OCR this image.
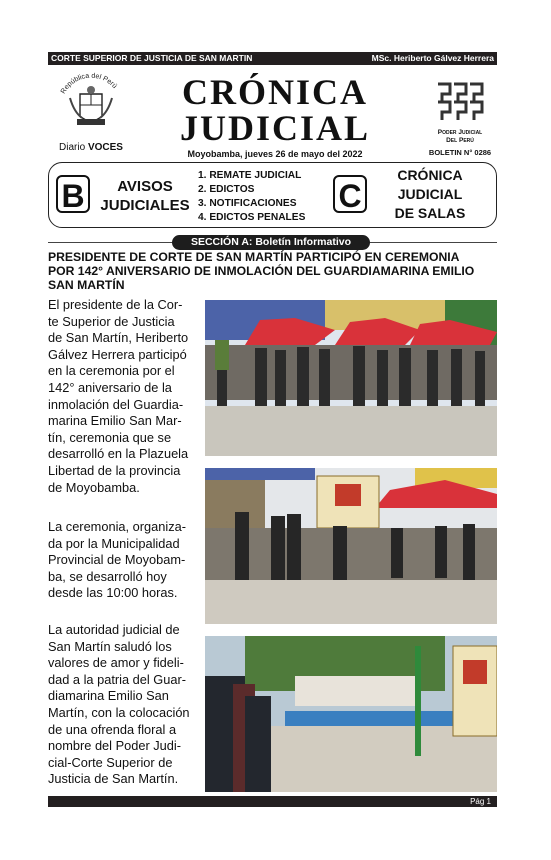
CORTE SUPERIOR DE JUSTICIA DE SAN MARTIN	MSc. Heriberto Gálvez Herrera
República del Perú
Diario VOCES
CRÓNICA
JUDICIAL
Moyobamba, jueves 26 de mayo del 2022
Poder Judicial
Del Perú
BOLETIN N° 0286
B	AVISOS
JUDICIALES
1. REMATE JUDICIAL
2. EDICTOS
3. NOTIFICACIONES
4. EDICTOS PENALES
C
CRÓNICA
JUDICIAL
DE SALAS
SECCIÓN A: Boletín Informativo
PRESIDENTE DE CORTE DE SAN MARTÍN PARTICIPÓ EN CEREMONIA
POR 142° ANIVERSARIO DE INMOLACIÓN DEL GUARDIAMARINA EMILIO
SAN MARTÍN
El presidente de la Cor-
te Superior de Justicia
de San Martín, Heriberto
Gálvez Herrera participó
en la ceremonia por el
142° aniversario de la
inmolación del Guardia-
marina Emilio San Mar-
tín, ceremonia que se
desarrolló en la Plazuela
Libertad de la provincia
de Moyobamba.
La ceremonia, organiza-
da por la Municipalidad
Provincial de Moyobam-
ba, se desarrolló hoy
desde las 10:00 horas.
La autoridad judicial de
San Martín saludó los
valores de amor y fideli-
dad a la patria del Guar-
diamarina Emilio San
Martín, con la colocación
de una ofrenda floral a
nombre del Poder Judi-
cial-Corte Superior de
Justicia de San Martín.
Pág 1
